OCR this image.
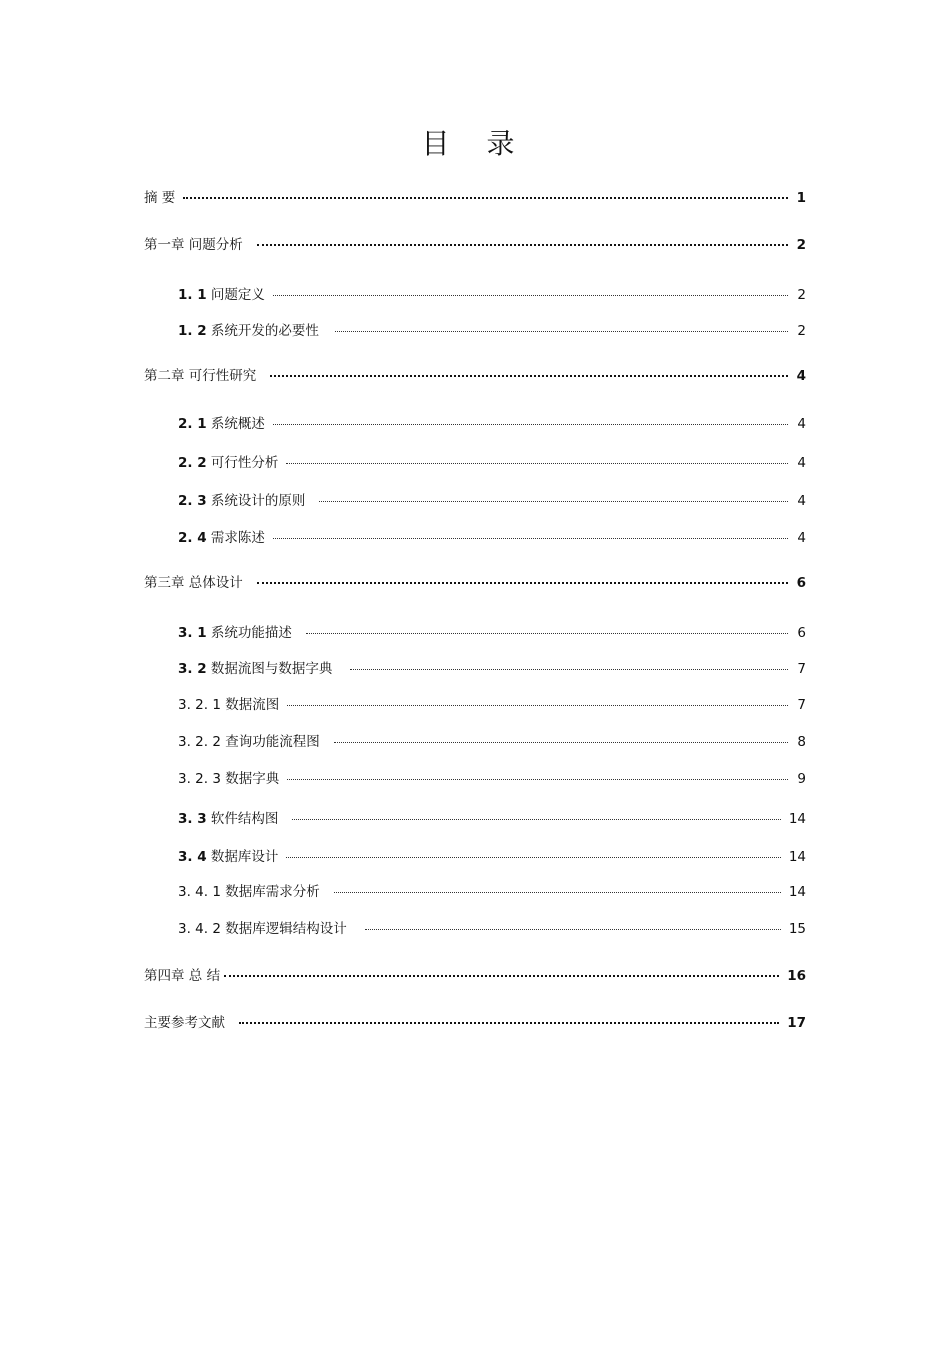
目 录
摘 要	1
第一章 问题分析	2
1. 1 问题定义	2
1. 2 系统开发的必要性	2
第二章 可行性研究	4
2. 1 系统概述	4
2. 2 可行性分析	4
2. 3 系统设计的原则	4
2. 4 需求陈述	4
第三章 总体设计	6
3. 1 系统功能描述	6
3. 2 数据流图与数据字典	7
3. 2. 1 数据流图	7
3. 2. 2 查询功能流程图	8
3. 2. 3 数据字典	9
3. 3 软件结构图	14
3. 4 数据库设计	14
3. 4. 1 数据库需求分析	14
3. 4. 2 数据库逻辑结构设计	15
第四章 总 结	16
主要参考文献	17
